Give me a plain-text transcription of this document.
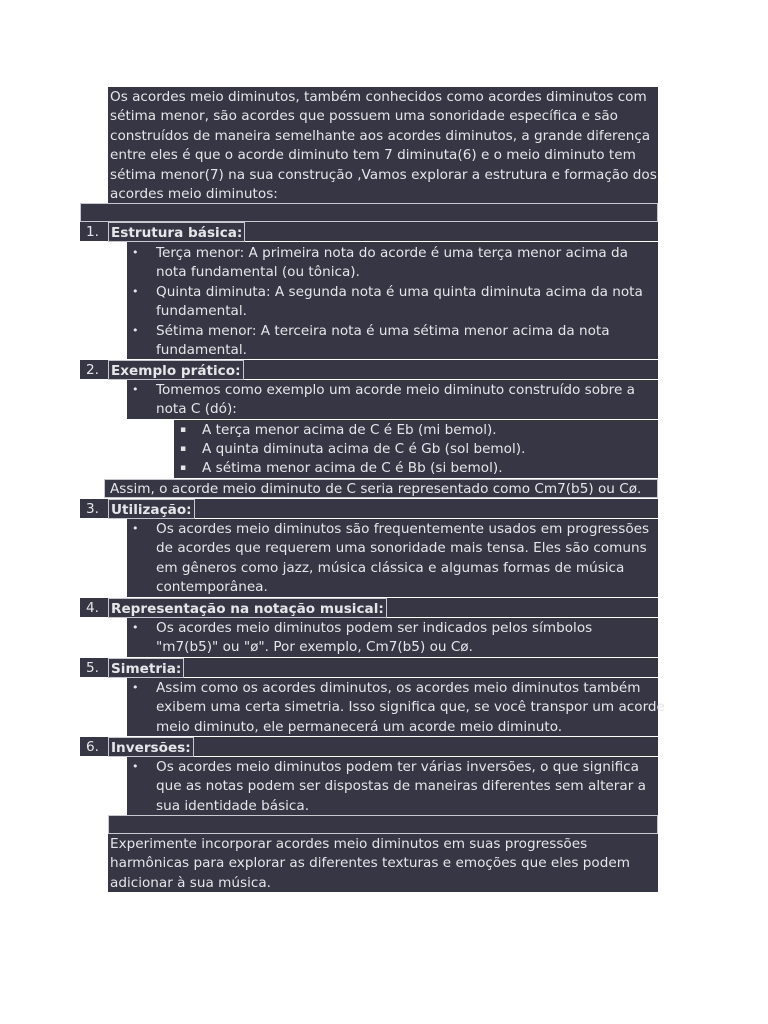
Os acordes meio diminutos, também conhecidos como acordes diminutos com
sétima menor, são acordes que possuem uma sonoridade específica e são
construídos de maneira semelhante aos acordes diminutos, a grande diferença
entre eles é que o acorde diminuto tem 7 diminuta(6) e o meio diminuto tem
sétima menor(7) na sua construção ,Vamos explorar a estrutura e formação dos
acordes meio diminutos:
1. Estrutura básica:
• Terça menor: A primeira nota do acorde é uma terça menor acima da
nota fundamental (ou tônica).
• Quinta diminuta: A segunda nota é uma quinta diminuta acima da nota
fundamental.
• Sétima menor: A terceira nota é uma sétima menor acima da nota
fundamental.
2. Exemplo prático:
• Tomemos como exemplo um acorde meio diminuto construído sobre a
nota C (dó):
▪ A terça menor acima de C é Eb (mi bemol).
▪ A quinta diminuta acima de C é Gb (sol bemol).
▪ A sétima menor acima de C é Bb (si bemol).
Assim, o acorde meio diminuto de C seria representado como Cm7(b5) ou Cø.
3. Utilização:
• Os acordes meio diminutos são frequentemente usados em progressões
de acordes que requerem uma sonoridade mais tensa. Eles são comuns
em gêneros como jazz, música clássica e algumas formas de música
contemporânea.
4. Representação na notação musical:
• Os acordes meio diminutos podem ser indicados pelos símbolos
"m7(b5)" ou "ø". Por exemplo, Cm7(b5) ou Cø.
5. Simetria:
• Assim como os acordes diminutos, os acordes meio diminutos também
exibem uma certa simetria. Isso significa que, se você transpor um acorde
meio diminuto, ele permanecerá um acorde meio diminuto.
6. Inversões:
• Os acordes meio diminutos podem ter várias inversões, o que significa
que as notas podem ser dispostas de maneiras diferentes sem alterar a
sua identidade básica.
Experimente incorporar acordes meio diminutos em suas progressões
harmônicas para explorar as diferentes texturas e emoções que eles podem
adicionar à sua música.
